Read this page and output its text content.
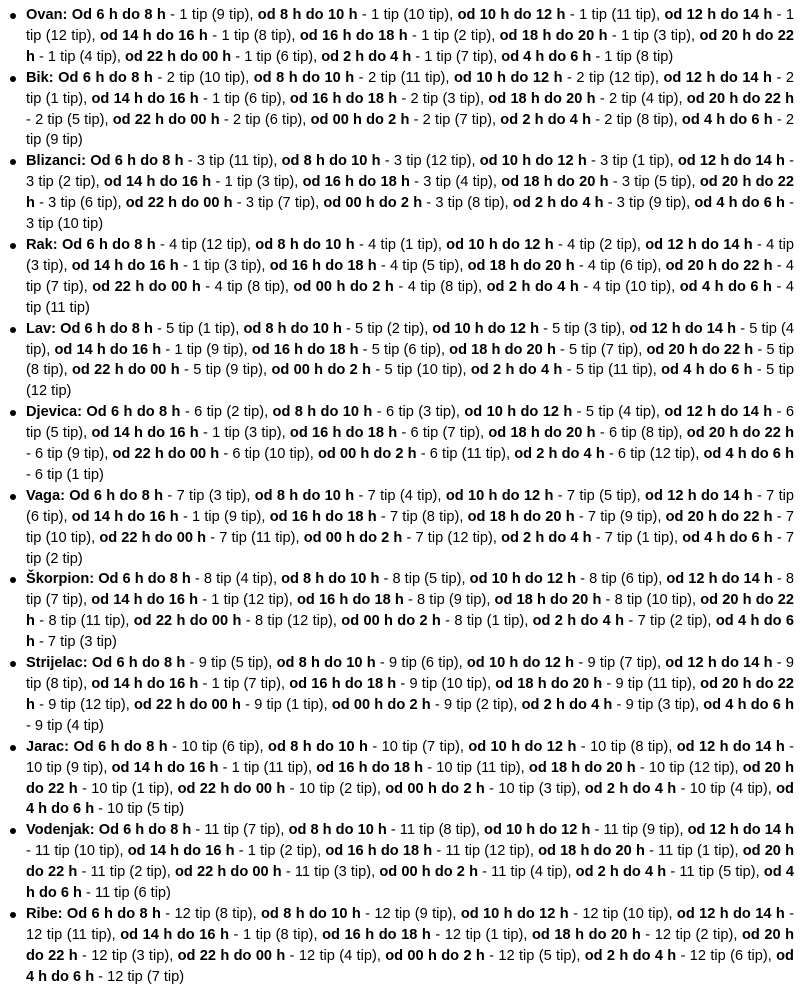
Ovan: Od 6 h do 8 h - 1 tip (9 tip), od 8 h do 10 h - 1 tip (10 tip), od 10 h do 12 h - 1 tip (11 tip), od 12 h do 14 h - 1 tip (12 tip), od 14 h do 16 h - 1 tip (8 tip), od 16 h do 18 h - 1 tip (2 tip), od 18 h do 20 h - 1 tip (3 tip), od 20 h do 22 h - 1 tip (4 tip), od 22 h do 00 h - 1 tip (6 tip), od 2 h do 4 h - 1 tip (7 tip), od 4 h do 6 h - 1 tip (8 tip)
Bik: Od 6 h do 8 h - 2 tip (10 tip), od 8 h do 10 h - 2 tip (11 tip), od 10 h do 12 h - 2 tip (12 tip), od 12 h do 14 h - 2 tip (1 tip), od 14 h do 16 h - 1 tip (6 tip), od 16 h do 18 h - 2 tip (3 tip), od 18 h do 20 h - 2 tip (4 tip), od 20 h do 22 h - 2 tip (5 tip), od 22 h do 00 h - 2 tip (6 tip), od 00 h do 2 h - 2 tip (7 tip), od 2 h do 4 h - 2 tip (8 tip), od 4 h do 6 h - 2 tip (9 tip)
Blizanci: Od 6 h do 8 h - 3 tip (11 tip), od 8 h do 10 h - 3 tip (12 tip), od 10 h do 12 h - 3 tip (1 tip), od 12 h do 14 h - 3 tip (2 tip), od 14 h do 16 h - 1 tip (3 tip), od 16 h do 18 h - 3 tip (4 tip), od 18 h do 20 h - 3 tip (5 tip), od 20 h do 22 h - 3 tip (6 tip), od 22 h do 00 h - 3 tip (7 tip), od 00 h do 2 h - 3 tip (8 tip), od 2 h do 4 h - 3 tip (9 tip), od 4 h do 6 h - 3 tip (10 tip)
Rak: Od 6 h do 8 h - 4 tip (12 tip), od 8 h do 10 h - 4 tip (1 tip), od 10 h do 12 h - 4 tip (2 tip), od 12 h do 14 h - 4 tip (3 tip), od 14 h do 16 h - 1 tip (3 tip), od 16 h do 18 h - 4 tip (5 tip), od 18 h do 20 h - 4 tip (6 tip), od 20 h do 22 h - 4 tip (7 tip), od 22 h do 00 h - 4 tip (8 tip), od 00 h do 2 h - 4 tip (8 tip), od 2 h do 4 h - 4 tip (10 tip), od 4 h do 6 h - 4 tip (11 tip)
Lav: Od 6 h do 8 h - 5 tip (1 tip), od 8 h do 10 h - 5 tip (2 tip), od 10 h do 12 h - 5 tip (3 tip), od 12 h do 14 h - 5 tip (4 tip), od 14 h do 16 h - 1 tip (9 tip), od 16 h do 18 h - 5 tip (6 tip), od 18 h do 20 h - 5 tip (7 tip), od 20 h do 22 h - 5 tip (8 tip), od 22 h do 00 h - 5 tip (9 tip), od 00 h do 2 h - 5 tip (10 tip), od 2 h do 4 h - 5 tip (11 tip), od 4 h do 6 h - 5 tip (12 tip)
Djevica: Od 6 h do 8 h - 6 tip (2 tip), od 8 h do 10 h - 6 tip (3 tip), od 10 h do 12 h - 5 tip (4 tip), od 12 h do 14 h - 6 tip (5 tip), od 14 h do 16 h - 1 tip (3 tip), od 16 h do 18 h - 6 tip (7 tip), od 18 h do 20 h - 6 tip (8 tip), od 20 h do 22 h - 6 tip (9 tip), od 22 h do 00 h - 6 tip (10 tip), od 00 h do 2 h - 6 tip (11 tip), od 2 h do 4 h - 6 tip (12 tip), od 4 h do 6 h - 6 tip (1 tip)
Vaga: Od 6 h do 8 h - 7 tip (3 tip), od 8 h do 10 h - 7 tip (4 tip), od 10 h do 12 h - 7 tip (5 tip), od 12 h do 14 h - 7 tip (6 tip), od 14 h do 16 h - 1 tip (9 tip), od 16 h do 18 h - 7 tip (8 tip), od 18 h do 20 h - 7 tip (9 tip), od 20 h do 22 h - 7 tip (10 tip), od 22 h do 00 h - 7 tip (11 tip), od 00 h do 2 h - 7 tip (12 tip), od 2 h do 4 h - 7 tip (1 tip), od 4 h do 6 h - 7 tip (2 tip)
Škorpion: Od 6 h do 8 h - 8 tip (4 tip), od 8 h do 10 h - 8 tip (5 tip), od 10 h do 12 h - 8 tip (6 tip), od 12 h do 14 h - 8 tip (7 tip), od 14 h do 16 h - 1 tip (12 tip), od 16 h do 18 h - 8 tip (9 tip), od 18 h do 20 h - 8 tip (10 tip), od 20 h do 22 h - 8 tip (11 tip), od 22 h do 00 h - 8 tip (12 tip), od 00 h do 2 h - 8 tip (1 tip), od 2 h do 4 h - 7 tip (2 tip), od 4 h do 6 h - 7 tip (3 tip)
Strijelac: Od 6 h do 8 h - 9 tip (5 tip), od 8 h do 10 h - 9 tip (6 tip), od 10 h do 12 h - 9 tip (7 tip), od 12 h do 14 h - 9 tip (8 tip), od 14 h do 16 h - 1 tip (7 tip), od 16 h do 18 h - 9 tip (10 tip), od 18 h do 20 h - 9 tip (11 tip), od 20 h do 22 h - 9 tip (12 tip), od 22 h do 00 h - 9 tip (1 tip), od 00 h do 2 h - 9 tip (2 tip), od 2 h do 4 h - 9 tip (3 tip), od 4 h do 6 h - 9 tip (4 tip)
Jarac: Od 6 h do 8 h - 10 tip (6 tip), od 8 h do 10 h - 10 tip (7 tip), od 10 h do 12 h - 10 tip (8 tip), od 12 h do 14 h - 10 tip (9 tip), od 14 h do 16 h - 1 tip (11 tip), od 16 h do 18 h - 10 tip (11 tip), od 18 h do 20 h - 10 tip (12 tip), od 20 h do 22 h - 10 tip (1 tip), od 22 h do 00 h - 10 tip (2 tip), od 00 h do 2 h - 10 tip (3 tip), od 2 h do 4 h - 10 tip (4 tip), od 4 h do 6 h - 10 tip (5 tip)
Vodenjak: Od 6 h do 8 h - 11 tip (7 tip), od 8 h do 10 h - 11 tip (8 tip), od 10 h do 12 h - 11 tip (9 tip), od 12 h do 14 h - 11 tip (10 tip), od 14 h do 16 h - 1 tip (2 tip), od 16 h do 18 h - 11 tip (12 tip), od 18 h do 20 h - 11 tip (1 tip), od 20 h do 22 h - 11 tip (2 tip), od 22 h do 00 h - 11 tip (3 tip), od 00 h do 2 h - 11 tip (4 tip), od 2 h do 4 h - 11 tip (5 tip), od 4 h do 6 h - 11 tip (6 tip)
Ribe: Od 6 h do 8 h - 12 tip (8 tip), od 8 h do 10 h - 12 tip (9 tip), od 10 h do 12 h - 12 tip (10 tip), od 12 h do 14 h - 12 tip (11 tip), od 14 h do 16 h - 1 tip (8 tip), od 16 h do 18 h - 12 tip (1 tip), od 18 h do 20 h - 12 tip (2 tip), od 20 h do 22 h - 12 tip (3 tip), od 22 h do 00 h - 12 tip (4 tip), od 00 h do 2 h - 12 tip (5 tip), od 2 h do 4 h - 12 tip (6 tip), od 4 h do 6 h - 12 tip (7 tip)
